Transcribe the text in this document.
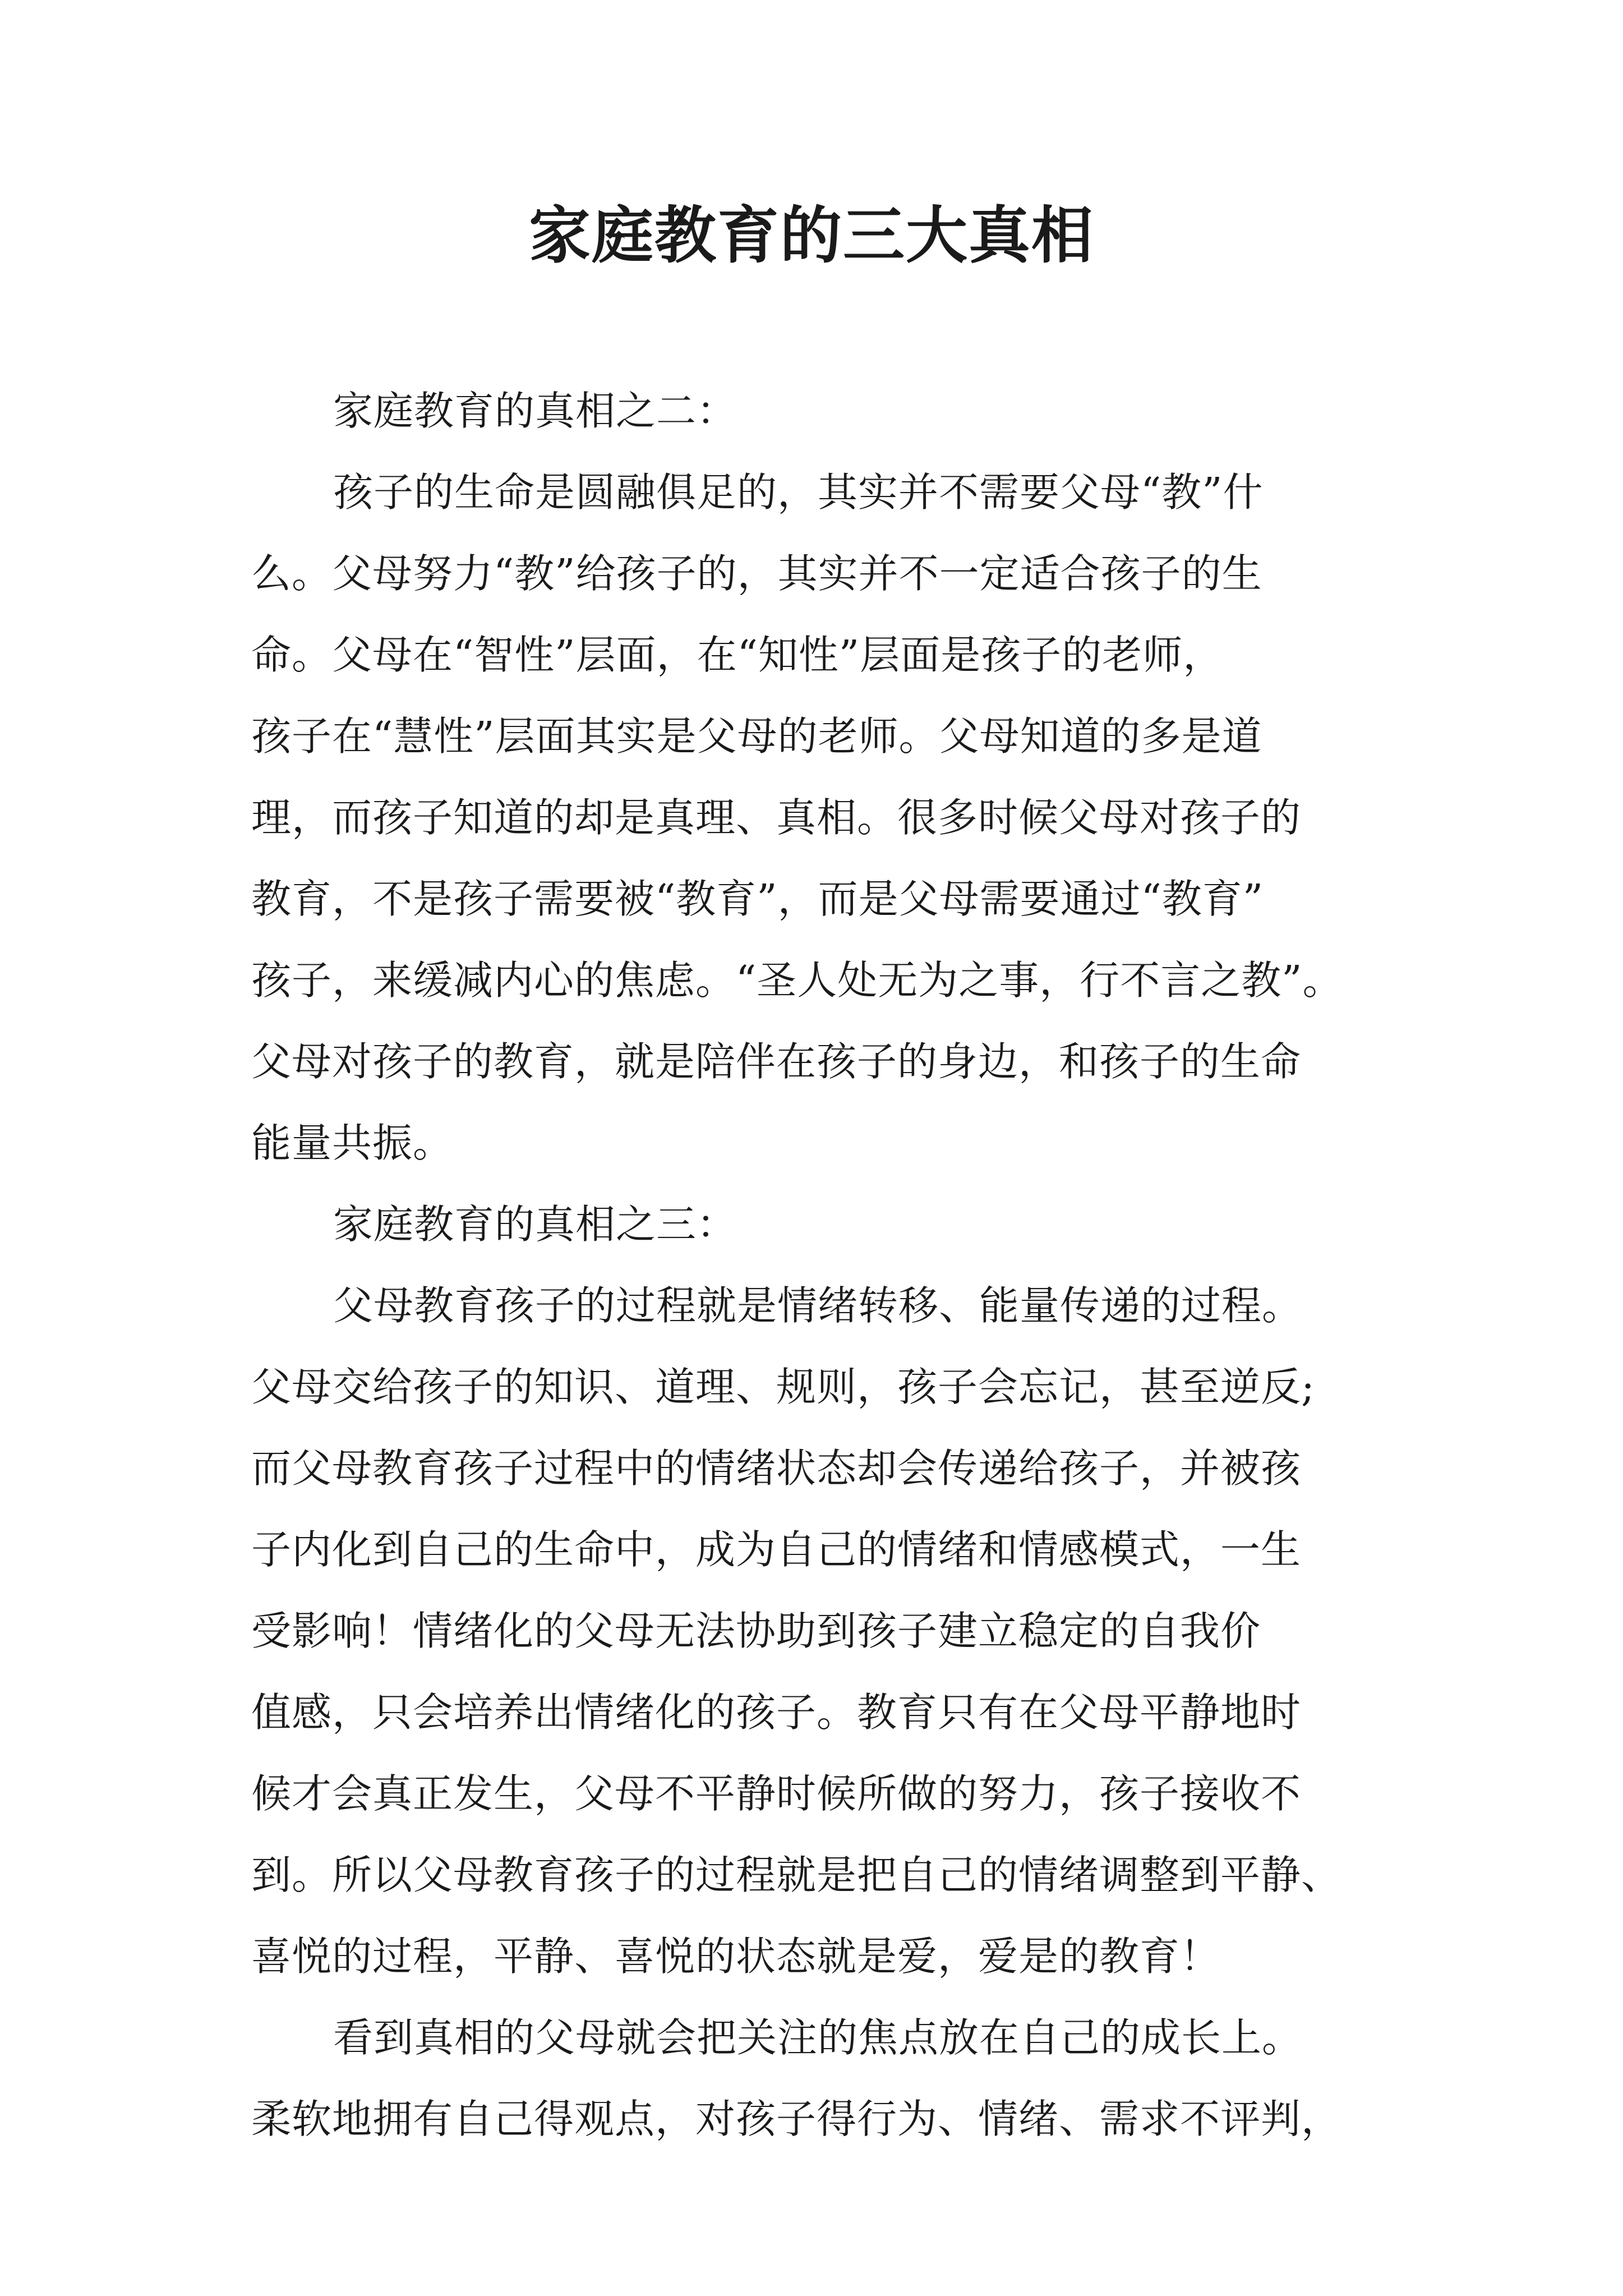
家庭教育的三大真相
家庭教育的真相之二：
孩子的生命是圆融俱足的，其实并不需要父母“教”什
么。父母努力“教”给孩子的，其实并不一定适合孩子的生
命。父母在“智性”层面，在“知性”层面是孩子的老师，
孩子在“慧性”层面其实是父母的老师。父母知道的多是道
理，而孩子知道的却是真理、真相。很多时候父母对孩子的
教育，不是孩子需要被“教育”，而是父母需要通过“教育”
孩子，来缓减内心的焦虑。“圣人处无为之事，行不言之教”。
父母对孩子的教育，就是陪伴在孩子的身边，和孩子的生命
能量共振。
家庭教育的真相之三：
父母教育孩子的过程就是情绪转移、能量传递的过程。
父母交给孩子的知识、道理、规则，孩子会忘记，甚至逆反;
而父母教育孩子过程中的情绪状态却会传递给孩子，并被孩
子内化到自己的生命中，成为自己的情绪和情感模式，一生
受影响！情绪化的父母无法协助到孩子建立稳定的自我价
值感，只会培养出情绪化的孩子。教育只有在父母平静地时
候才会真正发生，父母不平静时候所做的努力，孩子接收不
到。所以父母教育孩子的过程就是把自己的情绪调整到平静、
喜悦的过程，平静、喜悦的状态就是爱，爱是的教育！
看到真相的父母就会把关注的焦点放在自己的成长上。
柔软地拥有自己得观点，对孩子得行为、情绪、需求不评判，
